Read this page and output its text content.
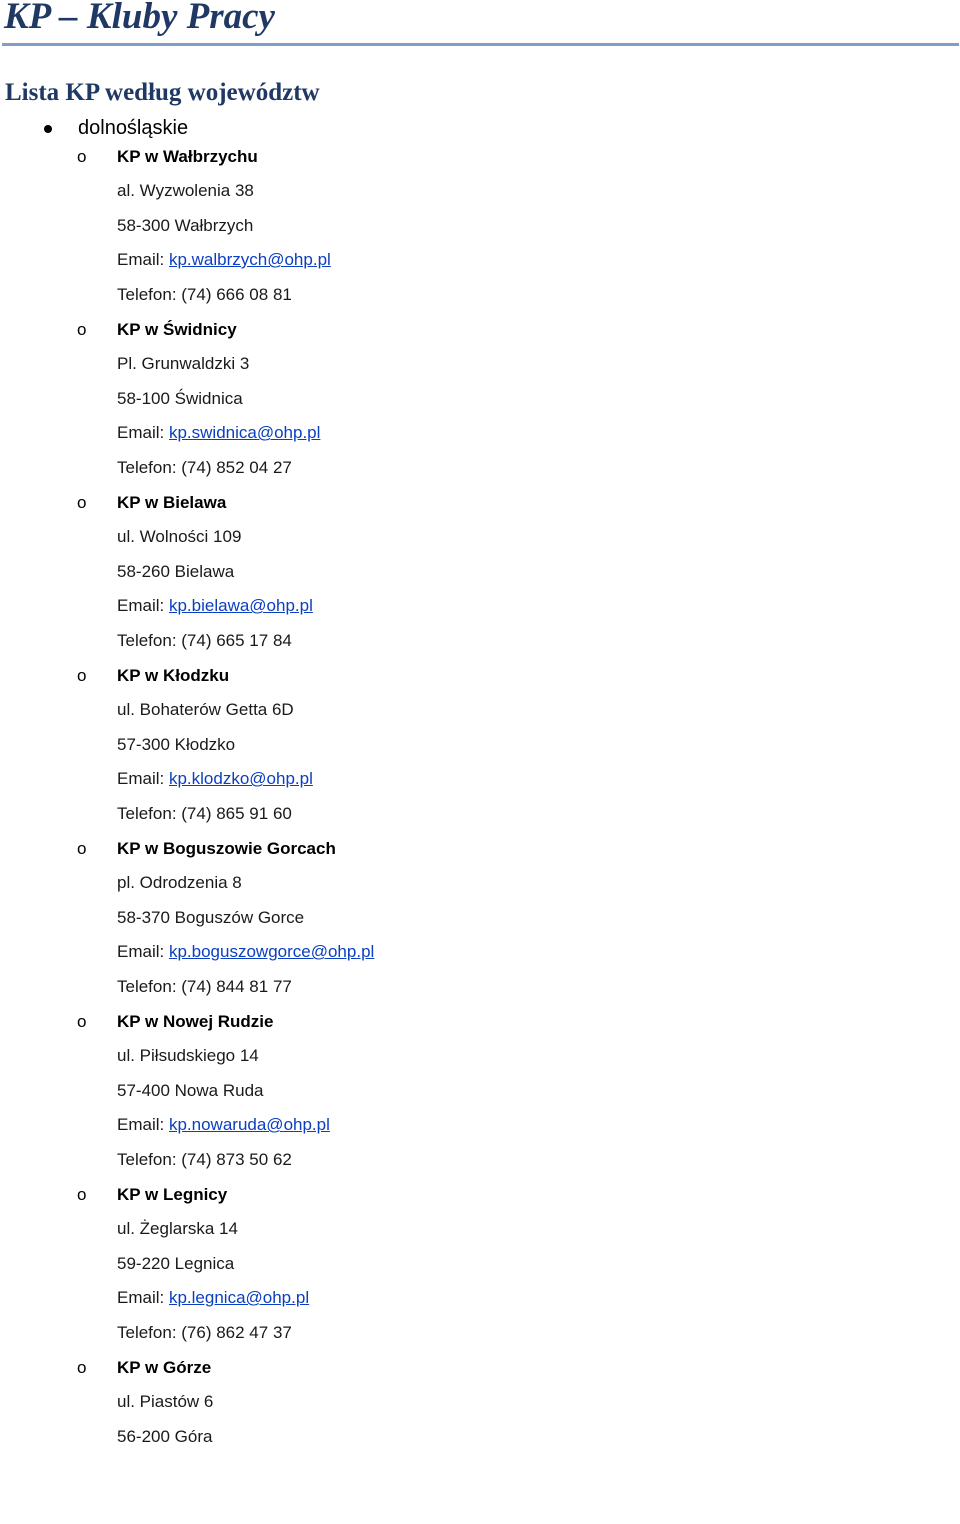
KP – Kluby Pracy
Lista KP według województw
dolnośląskie
o KP w Wałbrzychu
al. Wyzwolenia 38
58-300 Wałbrzych
Email: kp.walbrzych@ohp.pl
Telefon: (74) 666 08 81
o KP w Świdnicy
Pl. Grunwaldzki 3
58-100 Świdnica
Email: kp.swidnica@ohp.pl
Telefon: (74) 852 04 27
o KP w Bielawa
ul. Wolności 109
58-260 Bielawa
Email: kp.bielawa@ohp.pl
Telefon: (74) 665 17 84
o KP w Kłodzku
ul. Bohaterów Getta 6D
57-300 Kłodzko
Email: kp.klodzko@ohp.pl
Telefon: (74) 865 91 60
o KP w Boguszowie Gorcach
pl. Odrodzenia 8
58-370 Boguszów Gorce
Email: kp.boguszowgorce@ohp.pl
Telefon: (74) 844 81 77
o KP w Nowej Rudzie
ul. Piłsudskiego 14
57-400 Nowa Ruda
Email: kp.nowaruda@ohp.pl
Telefon: (74) 873 50 62
o KP w Legnicy
ul. Żeglarska 14
59-220 Legnica
Email: kp.legnica@ohp.pl
Telefon: (76) 862 47 37
o KP w Górze
ul. Piastów 6
56-200 Góra
